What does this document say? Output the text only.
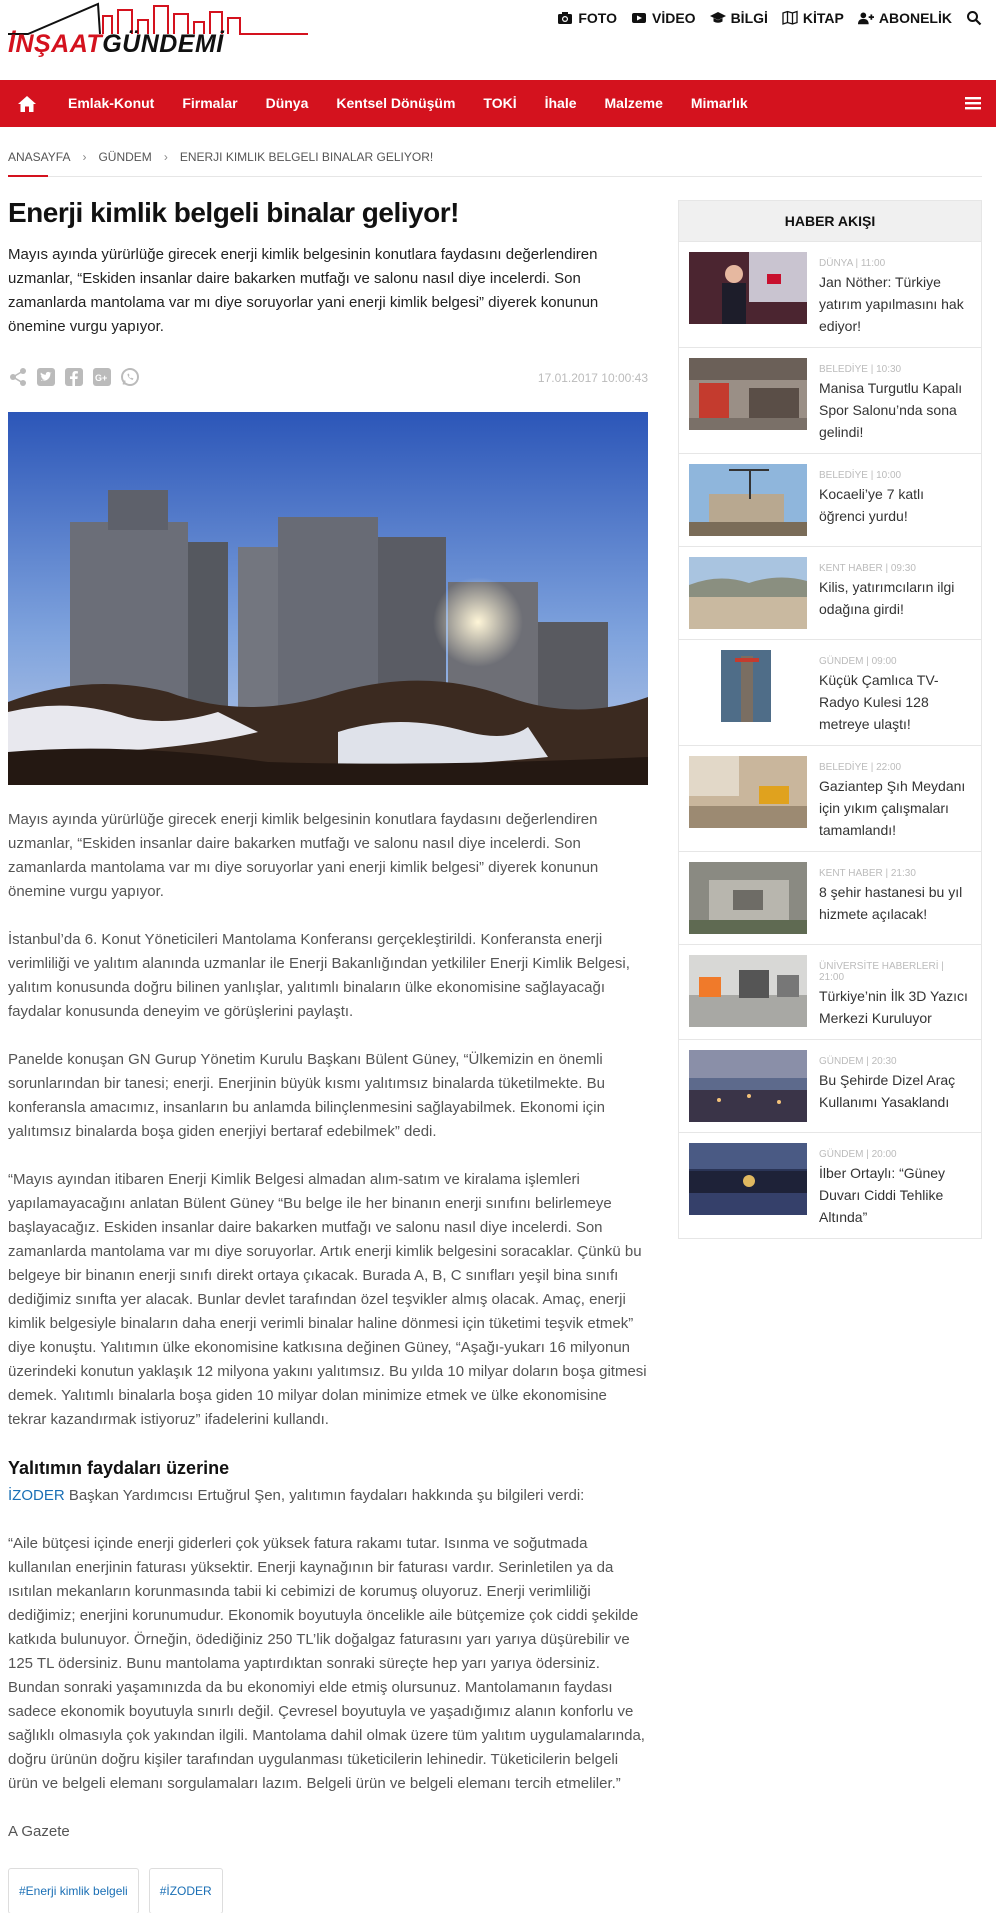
İNŞAATGÜNDEMİ
FOTO	VİDEO	BİLGİ	KİTAP	ABONELİK
Emlak-Konut	Firmalar	Dünya	Kentsel Dönüşüm	TOKİ	İhale	Malzeme	Mimarlık
ANASAYFA › GÜNDEM › ENERJI KIMLIK BELGELI BINALAR GELIYOR!
Enerji kimlik belgeli binalar geliyor!

Mayıs ayında yürürlüğe girecek enerji kimlik belgesinin konutlara faydasını değerlendiren uzmanlar, “Eskiden insanlar daire bakarken mutfağı ve salonu nasıl diye incelerdi. Son zamanlarda mantolama var mı diye soruyorlar yani enerji kimlik belgesi” diyerek konunun önemine vurgu yapıyor.

G+	17.01.2017 10:00:43

Mayıs ayında yürürlüğe girecek enerji kimlik belgesinin konutlara faydasını değerlendiren uzmanlar, “Eskiden insanlar daire bakarken mutfağı ve salonu nasıl diye incelerdi. Son zamanlarda mantolama var mı diye soruyorlar yani enerji kimlik belgesi” diyerek konunun önemine vurgu yapıyor.

İstanbul’da 6. Konut Yöneticileri Mantolama Konferansı gerçekleştirildi. Konferansta enerji verimliliği ve yalıtım alanında uzmanlar ile Enerji Bakanlığından yetkililer Enerji Kimlik Belgesi, yalıtım konusunda doğru bilinen yanlışlar, yalıtımlı binaların ülke ekonomisine sağlayacağı faydalar konusunda deneyim ve görüşlerini paylaştı.

Panelde konuşan GN Gurup Yönetim Kurulu Başkanı Bülent Güney, “Ülkemizin en önemli sorunlarından bir tanesi; enerji. Enerjinin büyük kısmı yalıtımsız binalarda tüketilmekte. Bu konferansla amacımız, insanların bu anlamda bilinçlenmesini sağlayabilmek. Ekonomi için yalıtımsız binalarda boşa giden enerjiyi bertaraf edebilmek” dedi.

“Mayıs ayından itibaren Enerji Kimlik Belgesi almadan alım-satım ve kiralama işlemleri yapılamayacağını anlatan Bülent Güney “Bu belge ile her binanın enerji sınıfını belirlemeye başlayacağız. Eskiden insanlar daire bakarken mutfağı ve salonu nasıl diye incelerdi. Son zamanlarda mantolama var mı diye soruyorlar. Artık enerji kimlik belgesini soracaklar. Çünkü bu belgeye bir binanın enerji sınıfı direkt ortaya çıkacak. Burada A, B, C sınıfları yeşil bina sınıfı dediğimiz sınıfta yer alacak. Bunlar devlet tarafından özel teşvikler almış olacak. Amaç, enerji kimlik belgesiyle binaların daha enerji verimli binalar haline dönmesi için tüketimi teşvik etmek” diye konuştu. Yalıtımın ülke ekonomisine katkısına değinen Güney, “Aşağı-yukarı 16 milyonun üzerindeki konutun yaklaşık 12 milyona yakını yalıtımsız. Bu yılda 10 milyar doların boşa gitmesi demek. Yalıtımlı binalarla boşa giden 10 milyar dolan minimize etmek ve ülke ekonomisine tekrar kazandırmak istiyoruz” ifadelerini kullandı.

Yalıtımın faydaları üzerine

İZODER Başkan Yardımcısı Ertuğrul Şen, yalıtımın faydaları hakkında şu bilgileri verdi:

“Aile bütçesi içinde enerji giderleri çok yüksek fatura rakamı tutar. Isınma ve soğutmada kullanılan enerjinin faturası yüksektir. Enerji kaynağının bir faturası vardır. Serinletilen ya da ısıtılan mekanların korunmasında tabii ki cebimizi de korumuş oluyoruz. Enerji verimliliği dediğimiz; enerjini korunumudur. Ekonomik boyutuyla öncelikle aile bütçemize çok ciddi şekilde katkıda bulunuyor. Örneğin, ödediğiniz 250 TL’lik doğalgaz faturasını yarı yarıya düşürebilir ve 125 TL ödersiniz. Bunu mantolama yaptırdıktan sonraki süreçte hep yarı yarıya ödersiniz. Bundan sonraki yaşamınızda da bu ekonomiyi elde etmiş olursunuz. Mantolamanın faydası sadece ekonomik boyutuyla sınırlı değil. Çevresel boyutuyla ve yaşadığımız alanın konforlu ve sağlıklı olmasıyla çok yakından ilgili. Mantolama dahil olmak üzere tüm yalıtım uygulamalarında, doğru ürünün doğru kişiler tarafından uygulanması tüketicilerin lehinedir. Tüketicilerin belgeli ürün ve belgeli elemanı sorgulamaları lazım. Belgeli ürün ve belgeli elemanı tercih etmeliler.”

A Gazete

#Enerji kimlik belgeli	#İZODER
HABER AKIŞI
DÜNYA | 11:00
Jan Nöther: Türkiye yatırım yapılmasını hak ediyor!
BELEDİYE | 10:30
Manisa Turgutlu Kapalı Spor Salonu’nda sona gelindi!
BELEDİYE | 10:00
Kocaeli’ye 7 katlı öğrenci yurdu!
KENT HABER | 09:30
Kilis, yatırımcıların ilgi odağına girdi!
GÜNDEM | 09:00
Küçük Çamlıca TV-Radyo Kulesi 128 metreye ulaştı!
BELEDİYE | 22:00
Gaziantep Şıh Meydanı için yıkım çalışmaları tamamlandı!
KENT HABER | 21:30
8 şehir hastanesi bu yıl hizmete açılacak!
ÜNİVERSİTE HABERLERİ | 21:00
Türkiye’nin İlk 3D Yazıcı Merkezi Kuruluyor
GÜNDEM | 20:30
Bu Şehirde Dizel Araç Kullanımı Yasaklandı
GÜNDEM | 20:00
İlber Ortaylı: “Güney Duvarı Ciddi Tehlike Altında”
